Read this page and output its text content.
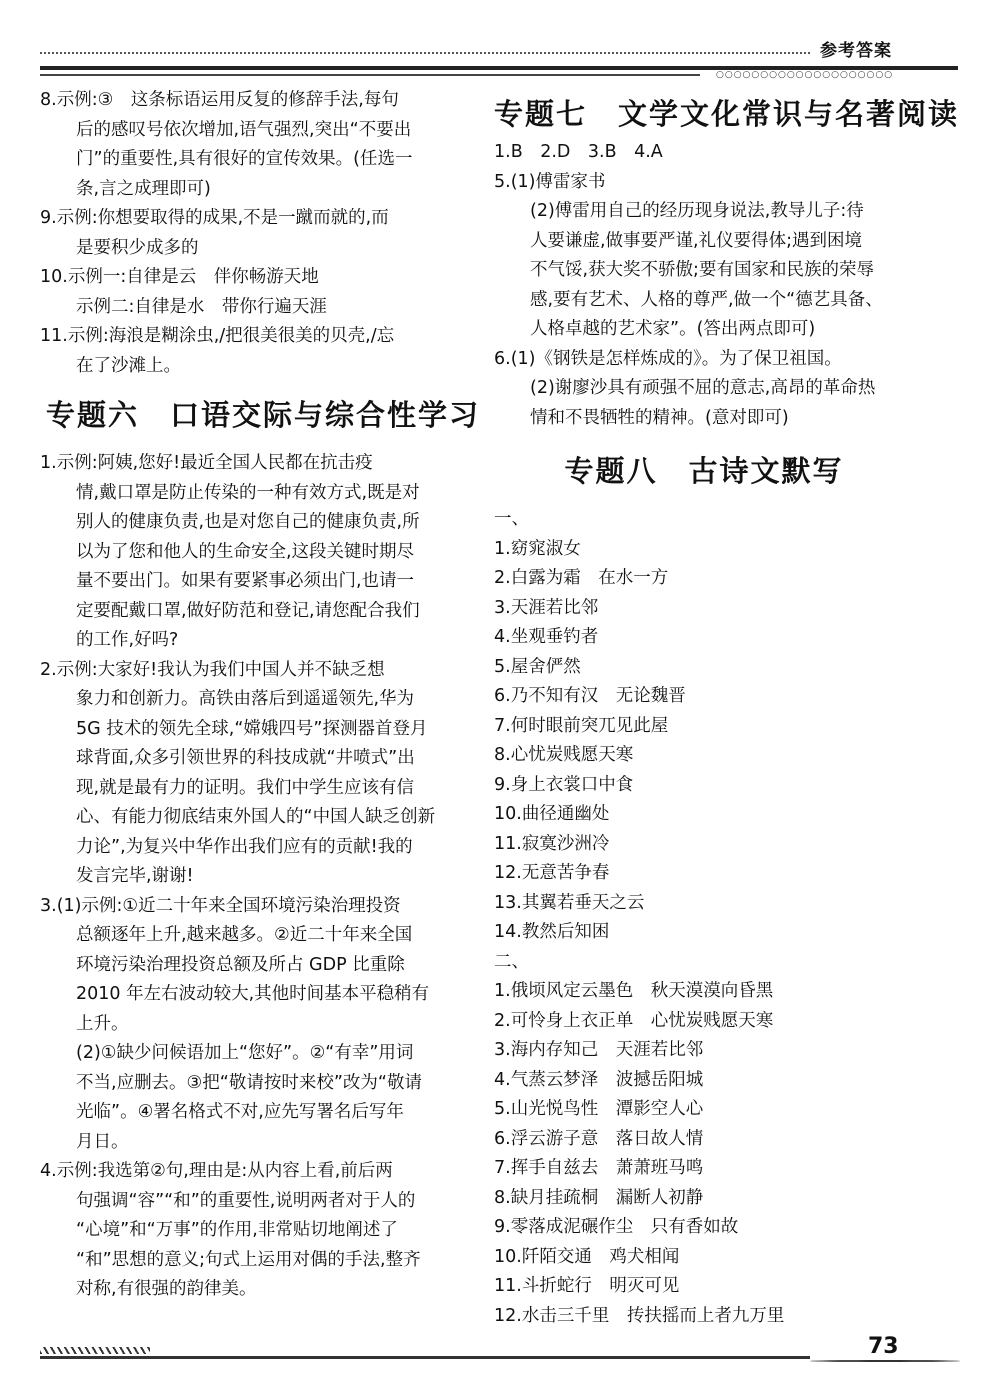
参考答案
○○○○○○○○○○○○○○○○○○○○
8.示例:③　这条标语运用反复的修辞手法,每句
后的感叹号依次增加,语气强烈,突出“不要出
门”的重要性,具有很好的宣传效果。(任选一
条,言之成理即可)
9.示例:你想要取得的成果,不是一蹴而就的,而
是要积少成多的
10.示例一:自律是云　伴你畅游天地
示例二:自律是水　带你行遍天涯
11.示例:海浪是糊涂虫,/把很美很美的贝壳,/忘
在了沙滩上。
专题六　口语交际与综合性学习
1.示例:阿姨,您好!最近全国人民都在抗击疫
情,戴口罩是防止传染的一种有效方式,既是对
别人的健康负责,也是对您自己的健康负责,所
以为了您和他人的生命安全,这段关键时期尽
量不要出门。如果有要紧事必须出门,也请一
定要配戴口罩,做好防范和登记,请您配合我们
的工作,好吗?
2.示例:大家好!我认为我们中国人并不缺乏想
象力和创新力。高铁由落后到遥遥领先,华为
5G 技术的领先全球,“嫦娥四号”探测器首登月
球背面,众多引领世界的科技成就“井喷式”出
现,就是最有力的证明。我们中学生应该有信
心、有能力彻底结束外国人的“中国人缺乏创新
力论”,为复兴中华作出我们应有的贡献!我的
发言完毕,谢谢!
3.(1)示例:①近二十年来全国环境污染治理投资
总额逐年上升,越来越多。②近二十年来全国
环境污染治理投资总额及所占 GDP 比重除
2010 年左右波动较大,其他时间基本平稳稍有
上升。
(2)①缺少问候语加上“您好”。②“有幸”用词
不当,应删去。③把“敬请按时来校”改为“敬请
光临”。④署名格式不对,应先写署名后写年
月日。
4.示例:我选第②句,理由是:从内容上看,前后两
句强调“容”“和”的重要性,说明两者对于人的
“心境”和“万事”的作用,非常贴切地阐述了
“和”思想的意义;句式上运用对偶的手法,整齐
对称,有很强的韵律美。
专题七　文学文化常识与名著阅读
1.B　2.D　3.B　4.A
5.(1)傅雷家书
(2)傅雷用自己的经历现身说法,教导儿子:待
人要谦虚,做事要严谨,礼仪要得体;遇到困境
不气馁,获大奖不骄傲;要有国家和民族的荣辱
感,要有艺术、人格的尊严,做一个“德艺具备、
人格卓越的艺术家”。(答出两点即可)
6.(1)《钢铁是怎样炼成的》。为了保卫祖国。
(2)谢廖沙具有顽强不屈的意志,高昂的革命热
情和不畏牺牲的精神。(意对即可)
专题八　古诗文默写
一、
1.窈窕淑女
2.白露为霜　在水一方
3.天涯若比邻
4.坐观垂钓者
5.屋舍俨然
6.乃不知有汉　无论魏晋
7.何时眼前突兀见此屋
8.心忧炭贱愿天寒
9.身上衣裳口中食
10.曲径通幽处
11.寂寞沙洲冷
12.无意苦争春
13.其翼若垂天之云
14.教然后知困
二、
1.俄顷风定云墨色　秋天漠漠向昏黑
2.可怜身上衣正单　心忧炭贱愿天寒
3.海内存知己　天涯若比邻
4.气蒸云梦泽　波撼岳阳城
5.山光悦鸟性　潭影空人心
6.浮云游子意　落日故人情
7.挥手自兹去　萧萧班马鸣
8.缺月挂疏桐　漏断人初静
9.零落成泥碾作尘　只有香如故
10.阡陌交通　鸡犬相闻
11.斗折蛇行　明灭可见
12.水击三千里　抟扶摇而上者九万里
73
